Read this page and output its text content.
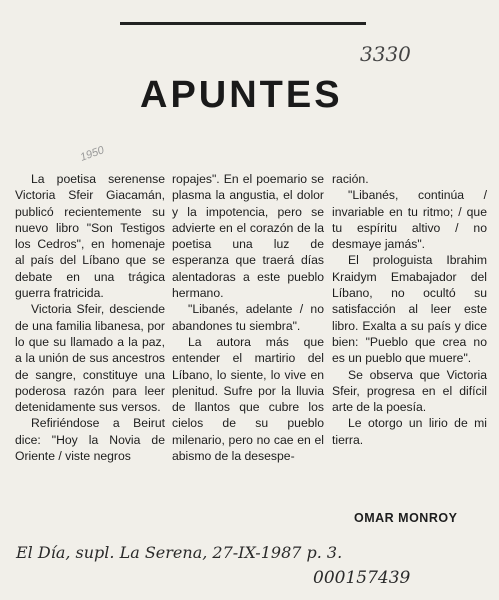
3330
APUNTES
1950

La poetisa serenense Victoria Sfeir Giacamán, publicó recientemente su nuevo libro "Son Testigos los Cedros", en homenaje al país del Líbano que se debate en una trágica guerra fratricida.

Victoria Sfeir, desciende de una familia libanesa, por lo que su llamado a la paz, a la unión de sus ancestros de sangre, constituye una poderosa razón para leer detenidamente sus versos.

Refiriéndose a Beirut dice: "Hoy la Novia de Oriente / viste negros

ropajes". En el poemario se plasma la angustia, el dolor y la impotencia, pero se advierte en el corazón de la poetisa una luz de esperanza que traerá días alentadoras a este pueblo hermano.

"Libanés, adelante / no abandones tu siembra".

La autora más que entender el martirio del Líbano, lo siente, lo vive en plenitud. Sufre por la lluvia de llantos que cubre los cielos de su pueblo milenario, pero no cae en el abismo de la desespe-

ración.

"Libanés, continúa / invariable en tu ritmo; / que tu espíritu altivo / no desmaye jamás".

El prologuista Ibrahim Kraidym Emabajador del Líbano, no ocultó su satisfacción al leer este libro. Exalta a su país y dice bien: "Pueblo que crea no es un pueblo que muere".

Se observa que Victoria Sfeir, progresa en el difícil arte de la poesía.

Le otorgo un lirio de mi tierra.

OMAR MONROY
El Día, supl. La Serena, 27-IX-1987 p. 3.
000157439
